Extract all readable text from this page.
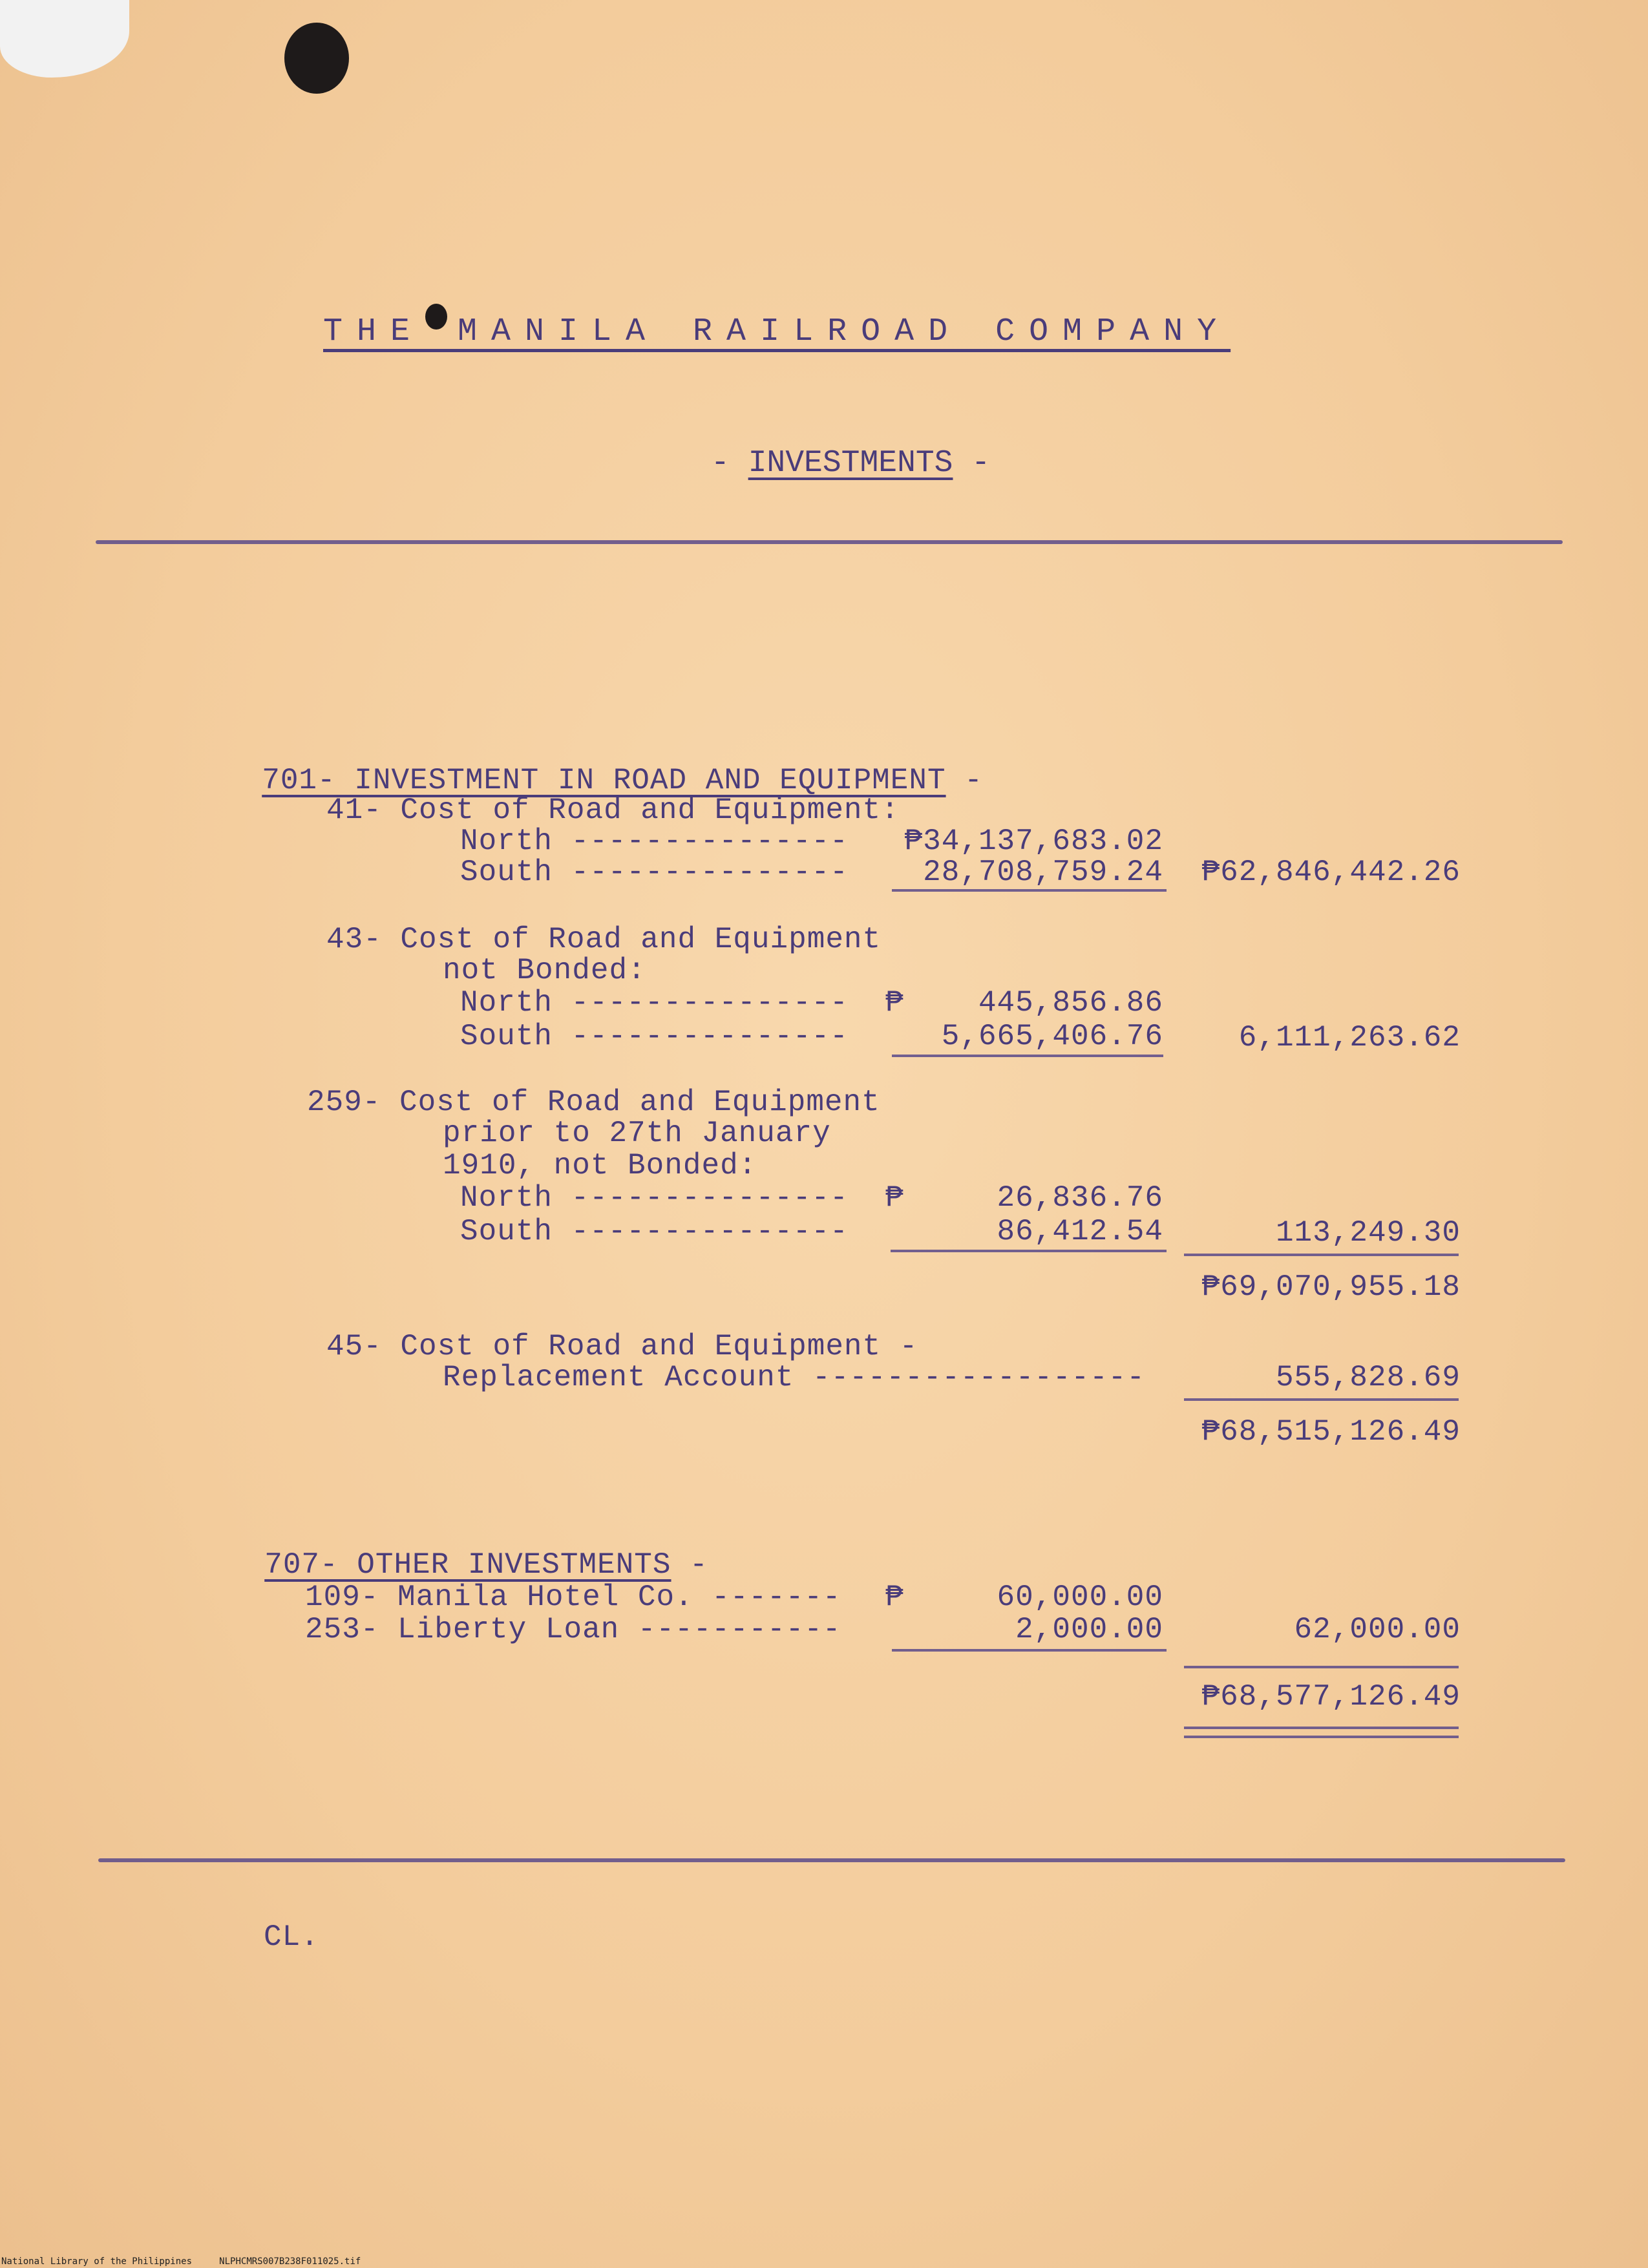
THE MANILA RAILROAD COMPANY
- INVESTMENTS -

701- INVESTMENT IN ROAD AND EQUIPMENT -

41- Cost of Road and Equipment:
North ---------------	₱34,137,683.02
South ---------------	28,708,759.24	₱62,846,442.26
43- Cost of Road and Equipment
not Bonded:
North --------------- ₱	445,856.86
South ---------------	5,665,406.76	6,111,263.62
259- Cost of Road and Equipment
prior to 27th January
1910, not Bonded:
North --------------- ₱	26,836.76
South ---------------	86,412.54	113,249.30
₱69,070,955.18
45- Cost of Road and Equipment -
Replacement Account ------------------	555,828.69
₱68,515,126.49

707- OTHER INVESTMENTS -

109- Manila Hotel Co. ------- ₱	60,000.00
253- Liberty Loan -----------	2,000.00	62,000.00
₱68,577,126.49
CL.
National Library of the Philippines	NLPHCMRS007B238F011025.tif
